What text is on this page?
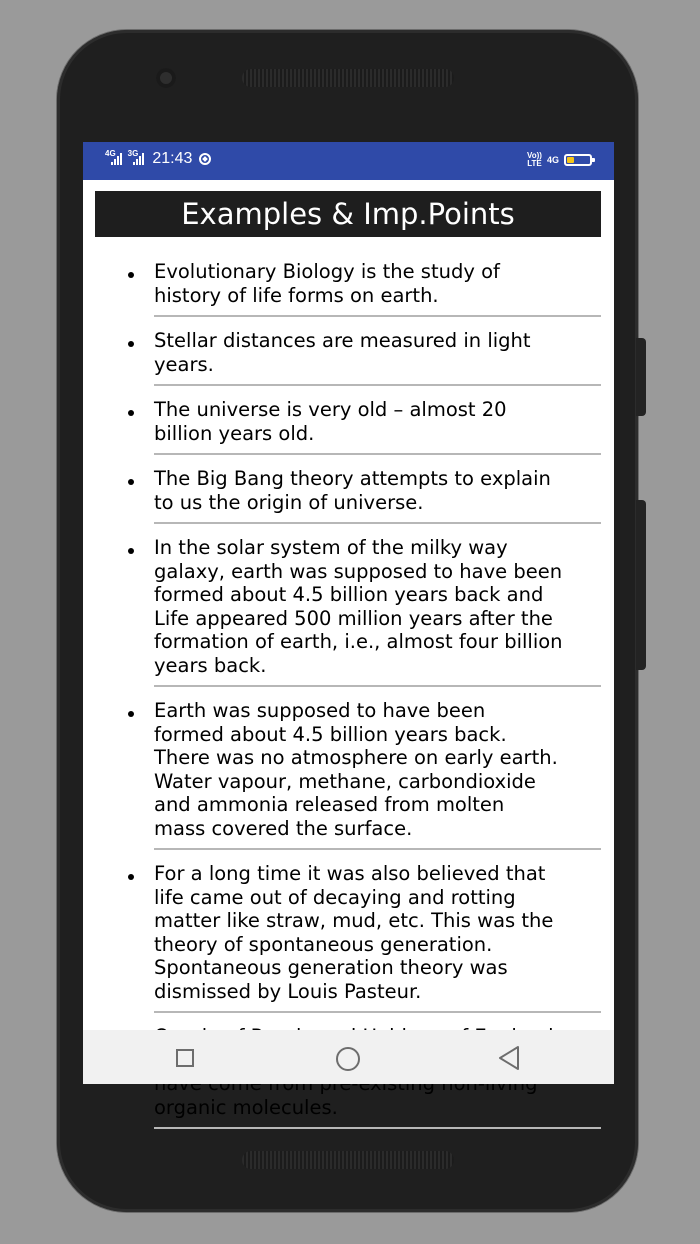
4G 3G 21:43	Vo))
LTE 4G
Examples & Imp.Points
Evolutionary Biology is the study of
history of life forms on earth.
Stellar distances are measured in light
years.
The universe is very old – almost 20
billion years old.
The Big Bang theory attempts to explain
to us the origin of universe.
In the solar system of the milky way
galaxy, earth was supposed to have been
formed about 4.5 billion years back and
Life appeared 500 million years after the
formation of earth, i.e., almost four billion
years back.
Earth was supposed to have been
formed about 4.5 billion years back.
There was no atmosphere on early earth.
Water vapour, methane, carbondioxide
and ammonia released from molten
mass covered the surface.
For a long time it was also believed that
life came out of decaying and rotting
matter like straw, mud, etc. This was the
theory of spontaneous generation.
Spontaneous generation theory was
dismissed by Louis Pasteur.

organic molecules.
